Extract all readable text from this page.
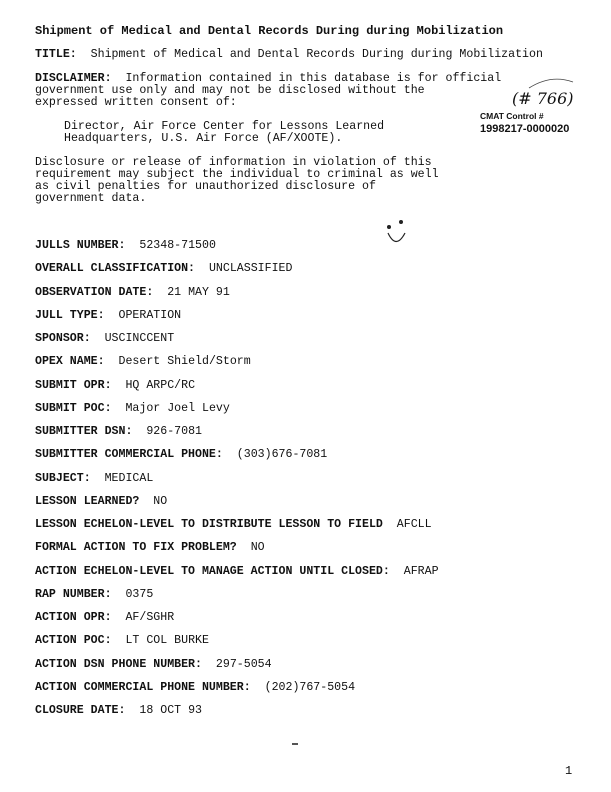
Shipment of Medical and Dental Records During during Mobilization
TITLE: Shipment of Medical and Dental Records During during Mobilization
DISCLAIMER: Information contained in this database is for official
government use only and may not be disclosed without the
expressed written consent of:
Director, Air Force Center for Lessons Learned
Headquarters, U.S. Air Force (AF/XOOTE).
Disclosure or release of information in violation of this
requirement may subject the individual to criminal as well
as civil penalties for unauthorized disclosure of
government data.
(# 766)
CMAT Control #
1998217-0000020
JULLS NUMBER: 52348-71500
OVERALL CLASSIFICATION: UNCLASSIFIED
OBSERVATION DATE: 21 MAY 91
JULL TYPE: OPERATION
SPONSOR: USCINCCENT
OPEX NAME: Desert Shield/Storm
SUBMIT OPR: HQ ARPC/RC
SUBMIT POC: Major Joel Levy
SUBMITTER DSN: 926-7081
SUBMITTER COMMERCIAL PHONE: (303)676-7081
SUBJECT: MEDICAL
LESSON LEARNED? NO
LESSON ECHELON-LEVEL TO DISTRIBUTE LESSON TO FIELD AFCLL
FORMAL ACTION TO FIX PROBLEM? NO
ACTION ECHELON-LEVEL TO MANAGE ACTION UNTIL CLOSED: AFRAP
RAP NUMBER: 0375
ACTION OPR: AF/SGHR
ACTION POC: LT COL BURKE
ACTION DSN PHONE NUMBER: 297-5054
ACTION COMMERCIAL PHONE NUMBER: (202)767-5054
CLOSURE DATE: 18 OCT 93
1
